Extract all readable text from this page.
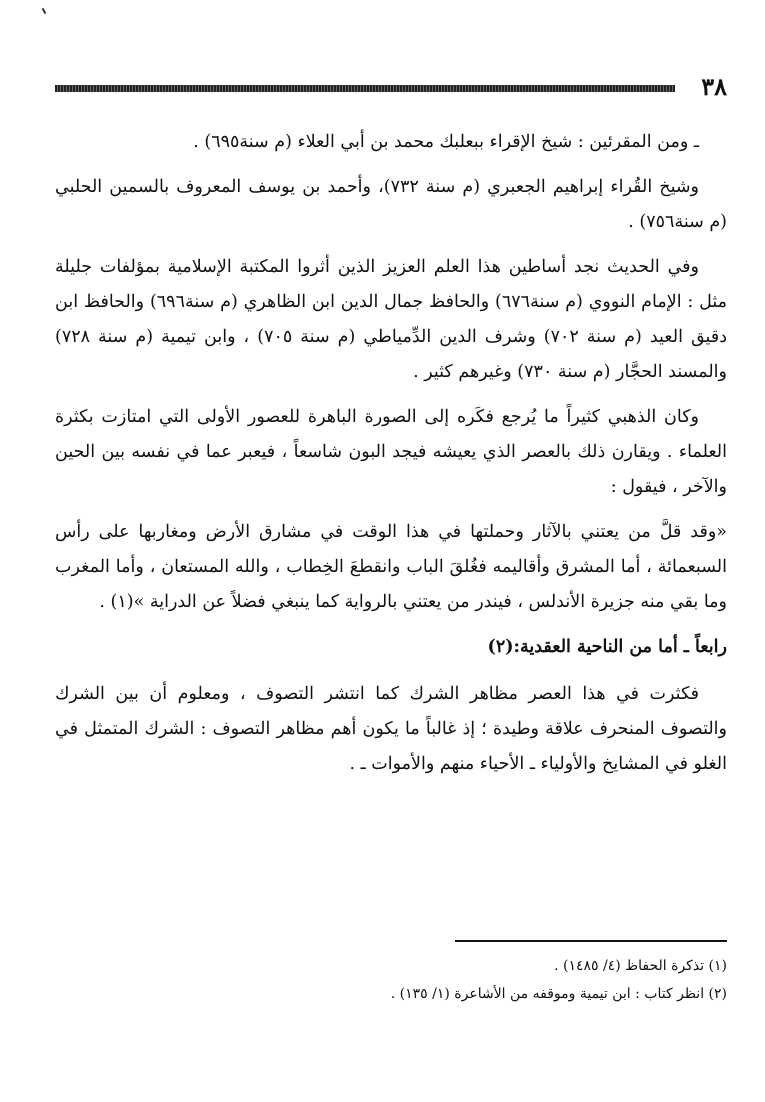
٣٨

ـ ومن المقرئين : شيخ الإقراء ببعلبك محمد بن أبي العلاء (م سنة٦٩٥) .

وشيخ القُراء إبراهيم الجعبري (م سنة ٧٣٢)، وأحمد بن يوسف المعروف بالسمين الحلبي (م سنة٧٥٦) .

وفي الحديث نجد أساطين هذا العلم العزيز الذين أثروا المكتبة الإسلامية بمؤلفات جليلة مثل : الإمام النووي (م سنة٦٧٦) والحافظ جمال الدين ابن الظاهري (م سنة٦٩٦) والحافظ ابن دقيق العيد (م سنة ٧٠٢) وشرف الدين الدِّمياطي (م سنة ٧٠٥) ، وابن تيمية (م سنة ٧٢٨) والمسند الحجَّار (م سنة ٧٣٠) وغيرهم كثير .

وكان الذهبي كثيراً ما يُرجع فكَره إلى الصورة الباهرة للعصور الأولى التي امتازت بكثرة العلماء . ويقارن ذلك بالعصر الذي يعيشه فيجد البون شاسعاً ، فيعبر عما في نفسه بين الحين والآخر ، فيقول :

«وقد قلَّ من يعتني بالآثار وحملتها في هذا الوقت في مشارق الأرض ومغاربها على رأس السبعمائة ، أما المشرق وأقاليمه فغُلقَ الباب وانقطعَ الخِطاب ، والله المستعان ، وأما المغرب وما بقي منه جزيرة الأندلس ، فيندر من يعتني بالرواية كما ينبغي فضلاً عن الدراية »(١) .

رابعاً ـ أما من الناحية العقدية:(٢)

فكثرت في هذا العصر مظاهر الشرك كما انتشر التصوف ، ومعلوم أن بين الشرك والتصوف المنحرف علاقة وطيدة ؛ إذ غالباً ما يكون أهم مظاهر التصوف : الشرك المتمثل في الغلو في المشايخ والأولياء ـ الأحياء منهم والأموات ـ .

(١) تذكرة الحفاظ (٤/ ١٤٨٥) .

(٢) انظر كتاب : ابن تيمية وموقفه من الأشاعرة (١/ ١٣٥) .
